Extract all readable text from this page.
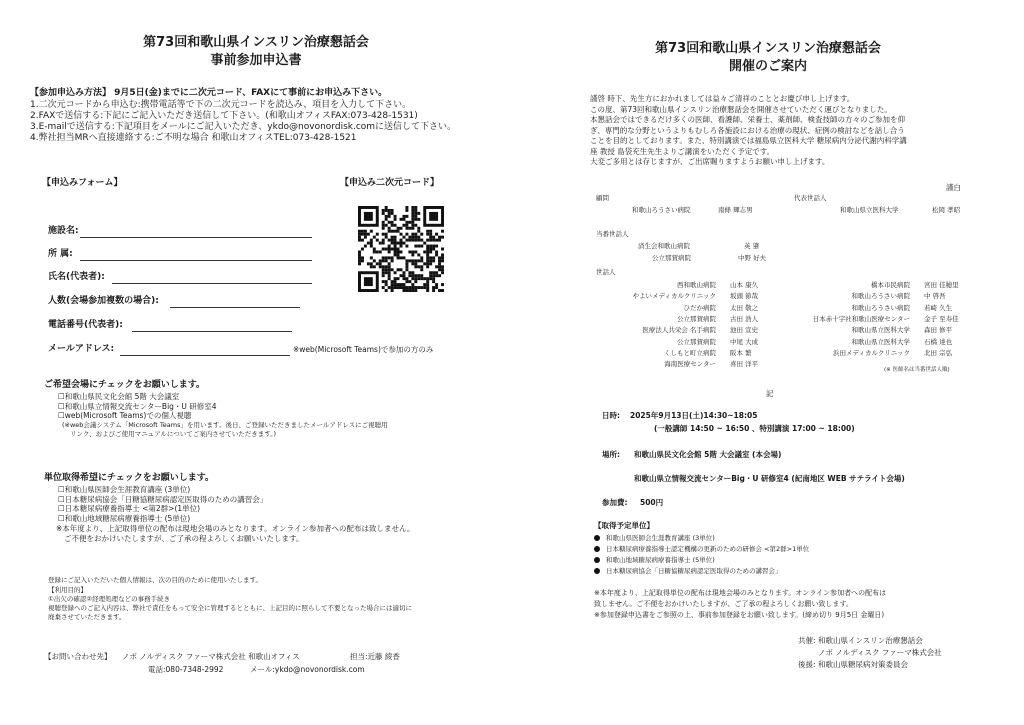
第73回和歌山県インスリン治療懇話会
事前参加申込書
【参加申込み方法】 9月5日(金)までに二次元コード、FAXにて事前にお申込み下さい。
1.二次元コードから申込む:携帯電話等で下の二次元コードを読込み、項目を入力して下さい。
2.FAXで送信する:下記にご記入いただき送信して下さい。(和歌山オフィスFAX:073-428-1531)
3.E-mailで送信する:下記項目をメールにご記入いただき、ykdo@novonordisk.comに送信して下さい。
4.弊社担当MRへ直接連絡する:ご不明な場合 和歌山オフィスTEL:073-428-1521
【申込みフォーム】	【申込み二次元コード】
施設名:
所 属:
氏名(代表者):
人数(会場参加複数の場合):
電話番号(代表者):
メールアドレス:	※web(Microsoft Teams)で参加の方のみ
ご希望会場にチェックをお願いします。
☐和歌山県民文化会館 5階 大会議室
☐和歌山県立情報交流センターBig・U 研修室4
☐web(Microsoft Teams)での個人視聴
(※web会議システム「Microsoft Teams」を用います。後日、ご登録いただきましたメールアドレスにご視聴用
リンク、およびご使用マニュアルについてご案内させていただきます。)
単位取得希望にチェックをお願いします。
☐和歌山県医師会生涯教育講座 (3単位)
☐日本糖尿病協会「日糖協糖尿病認定医取得のための講習会」
☐日本糖尿病療養指導士 <第2群>(1単位)
☐和歌山地域糖尿病療養指導士 (5単位)
※本年度より、上記取得単位の配布は現地会場のみとなります。オンライン参加者への配布は致しません。
ご不便をおかけいたしますが、ご了承の程よろしくお願いいたします。
登録にご記入いただいた個人情報は、次の目的のために使用いたします。
【利用目的】
①出欠の確認②経理処理などの事務手続き
視聴登録へのご記入内容は、弊社で責任をもって安全に管理するとともに、上記目的に照らして不要となった場合には適切に
廃棄させていただきます。
【お問い合わせ先】 ノボ ノルディスク ファーマ株式会社 和歌山オフィス	担当:近藤 綾香
電話:080-7348-2992	メール:ykdo@novonordisk.com
第73回和歌山県インスリン治療懇話会
開催のご案内
謹啓 時下、先生方におかれましては益々ご清祥のこととお慶び申し上げます。
この度、第73回和歌山県インスリン治療懇話会を開催させていただく運びとなりました。
本懇話会ではできるだけ多くの医師、看護師、栄養士、薬剤師、検査技師の方々のご参加を仰
ぎ、専門的な分野というよりもむしろ各施設における治療の現状、症例の検討などを話し合う
ことを目的としております。また、特別講演では福島県立医科大学 糖尿病内分泌代謝内科学講
座 教授 島袋充生先生よりご講演をいただく予定です。
大変ご多用とは存じますが、ご出席賜りますようお願い申し上げます。
謹白
顧問	代表世話人
和歌山ろうさい病院	南條 輝志男	和歌山県立医科大学	松岡 孝昭
当番世話人
済生会和歌山病院	英 肇
公立那賀病院	中野 好夫
世話人
西和歌山病院 山本 康久
やよいメディカルクリニック 坂頭 節哉
ひだか病院 太田 敬之
公立那賀病院 古田 浩人
医療法人共栄会 名手病院 池田 宣史
公立那賀病院 中尾 大成
くしもと町立病院 阪本 繁
海南医療センター 喜田 洋平
橋本市民病院 宮田 佳穂里
和歌山ろうさい病院 中 啓吾
和歌山ろうさい病院 若崎 久生
日本赤十字社和歌山医療センター 金子 至寿佳
和歌山県立医科大学 森田 修平
和歌山県立医科大学 石橋 達也
浜田メディカルクリニック 北田 宗弘
(※ 医師名は当番世話人順)
記
日時: 2025年9月13日(土)14:30~18:05
(一般講師 14:50 ~ 16:50 、特別講演 17:00 ~ 18:00)
場所: 和歌山県民文化会館 5階 大会議室 (本会場)
和歌山県立情報交流センターBig・U 研修室4 (紀南地区 WEB サテライト会場)
参加費: 500円
【取得予定単位】
和歌山県医師会生涯教育講座 (3単位)
日本糖尿病療養指導士認定機構の更新のための研修会 <第2群>1単位
和歌山地域糖尿病療養指導士 (5単位)
日本糖尿病協会「日糖協糖尿病認定医取得のための講習会」
※本年度より、上記取得単位の配布は現地会場のみとなります。オンライン参加者への配布は
致しません。ご不便をおかけいたしますが、ご了承の程よろしくお願い致します。
※参加登録申込書をご参照の上、事前参加登録をお願い致します。(締め切り 9月5日 金曜日)
共催: 和歌山県インスリン治療懇話会
ノボ ノルディスク ファーマ株式会社
後援: 和歌山県糖尿病対策委員会
